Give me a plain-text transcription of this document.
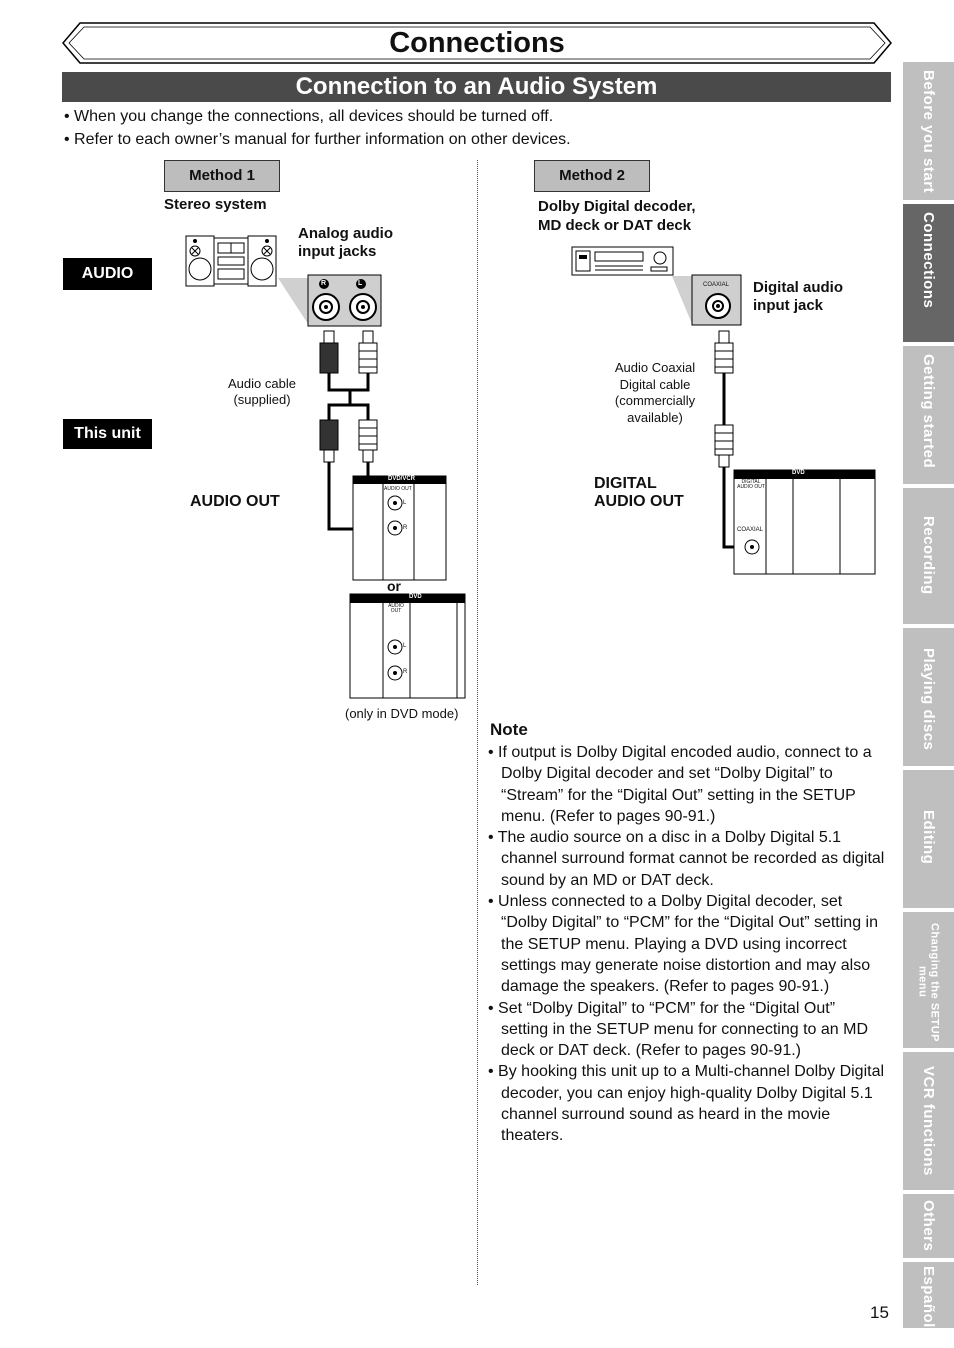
Connections
Connection to an Audio System
• When you change the connections, all devices should be turned off.
• Refer to each owner’s manual for further information on other devices.
Method 1
Stereo system
AUDIO
This unit
Analog audio
input jacks
R	L
Audio cable
(supplied)
AUDIO OUT
DVD/VCR
AUDIO OUT
L
R
or
DVD
AUDIO OUT
L
R
(only in DVD mode)
Method 2
Dolby Digital decoder,
MD deck or DAT deck
COAXIAL Digital audio
input jack
Audio Coaxial
Digital cable
(commercially
available)
DIGITAL
AUDIO OUT
DVD
DIGITAL
AUDIO OUT
COAXIAL
Note
• If output is Dolby Digital encoded audio, connect to a Dolby Digital decoder and set “Dolby Digital” to “Stream” for the “Digital Out” setting in the SETUP menu. (Refer to pages 90-91.)
• The audio source on a disc in a Dolby Digital 5.1 channel surround format cannot be recorded as digital sound by an MD or DAT deck.
• Unless connected to a Dolby Digital decoder, set “Dolby Digital” to “PCM” for the “Digital Out” setting in the SETUP menu. Playing a DVD using incorrect settings may generate noise distortion and may also damage the speakers. (Refer to pages 90-91.)
• Set “Dolby Digital” to “PCM” for the “Digital Out” setting in the SETUP menu for connecting to an MD deck or DAT deck. (Refer to pages 90-91.)
• By hooking this unit up to a Multi-channel Dolby Digital decoder, you can enjoy high-quality Dolby Digital 5.1 channel surround sound as heard in the movie theaters.
Before you start
Connections
Getting started
Recording
Playing discs
Editing
Changing the SETUP menu
VCR functions
Others
Español
15
